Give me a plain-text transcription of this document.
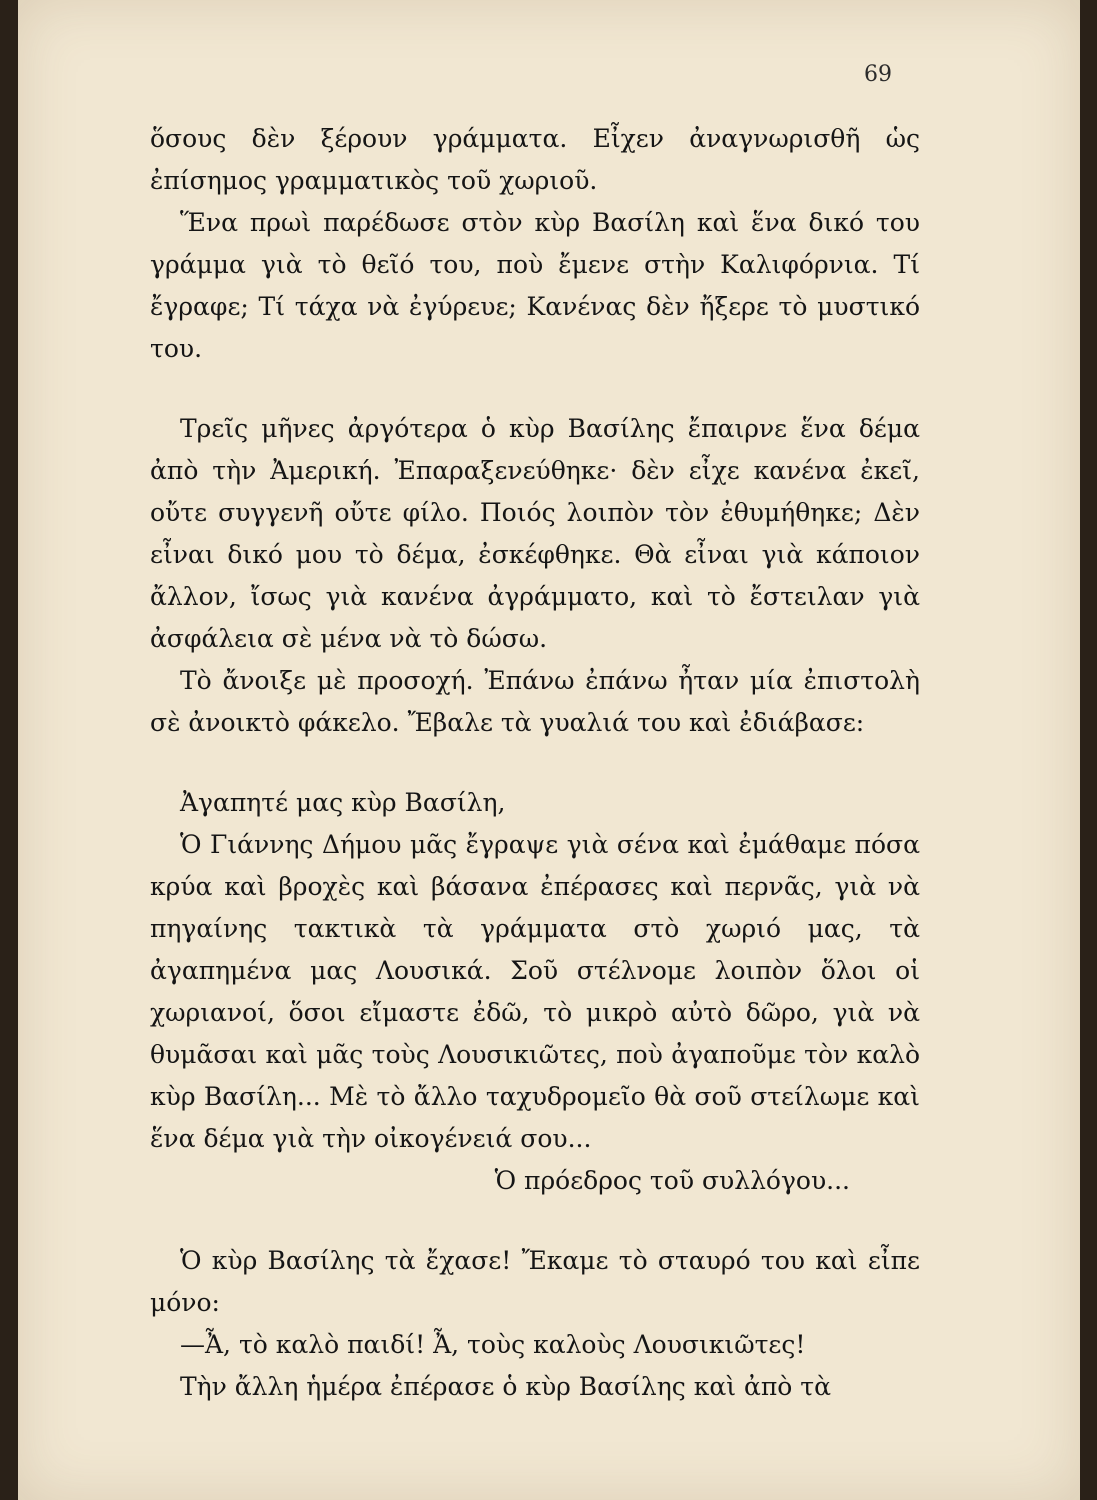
69

ὅσους δὲν ξέρουν γράμματα. Εἶχεν ἀναγνωρισθῆ ὡς ἐπίσημος γραμματικὸς τοῦ χωριοῦ.

Ἕνα πρωὶ παρέδωσε στὸν κὺρ Βασίλη καὶ ἕνα δικό του γράμμα γιὰ τὸ θεῖό του, ποὺ ἔμενε στὴν Καλιφόρνια. Τί ἔγραφε; Τί τάχα νὰ ἐγύρευε; Κανένας δὲν ἤξερε τὸ μυστικό του.

Τρεῖς μῆνες ἀργότερα ὁ κὺρ Βασίλης ἔπαιρνε ἕνα δέμα ἀπὸ τὴν Ἀμερική. Ἐπαραξενεύθηκε· δὲν εἶχε κανένα ἐκεῖ, οὔτε συγγενῆ οὔτε φίλο. Ποιός λοιπὸν τὸν ἐθυμήθηκε; Δὲν εἶναι δικό μου τὸ δέμα, ἐσκέφθηκε. Θὰ εἶναι γιὰ κάποιον ἄλλον, ἴσως γιὰ κανένα ἀγράμματο, καὶ τὸ ἔστειλαν γιὰ ἀσφάλεια σὲ μένα νὰ τὸ δώσω.

Τὸ ἄνοιξε μὲ προσοχή. Ἐπάνω ἐπάνω ἦταν μία ἐπιστολὴ σὲ ἀνοικτὸ φάκελο. Ἔβαλε τὰ γυαλιά του καὶ ἐδιάβασε:

Ἀγαπητέ μας κὺρ Βασίλη,

Ὁ Γιάννης Δήμου μᾶς ἔγραψε γιὰ σένα καὶ ἐμάθαμε πόσα κρύα καὶ βροχὲς καὶ βάσανα ἐπέρασες καὶ περνᾶς, γιὰ νὰ πηγαίνης τακτικὰ τὰ γράμματα στὸ χωριό μας, τὰ ἀγαπημένα μας Λουσικά. Σοῦ στέλνομε λοιπὸν ὅλοι οἱ χωριανοί, ὅσοι εἴμαστε ἐδῶ, τὸ μικρὸ αὐτὸ δῶρο, γιὰ νὰ θυμᾶσαι καὶ μᾶς τοὺς Λουσικιῶτες, ποὺ ἀγαποῦμε τὸν καλὸ κὺρ Βασίλη... Μὲ τὸ ἄλλο ταχυδρομεῖο θὰ σοῦ στείλωμε καὶ ἕνα δέμα γιὰ τὴν οἰκογένειά σου...

Ὁ πρόεδρος τοῦ συλλόγου...

Ὁ κὺρ Βασίλης τὰ ἔχασε! Ἔκαμε τὸ σταυρό του καὶ εἶπε μόνο:

—Ἆ, τὸ καλὸ παιδί! Ἆ, τοὺς καλοὺς Λουσικιῶτες!

Τὴν ἄλλη ἡμέρα ἐπέρασε ὁ κὺρ Βασίλης καὶ ἀπὸ τὰ
